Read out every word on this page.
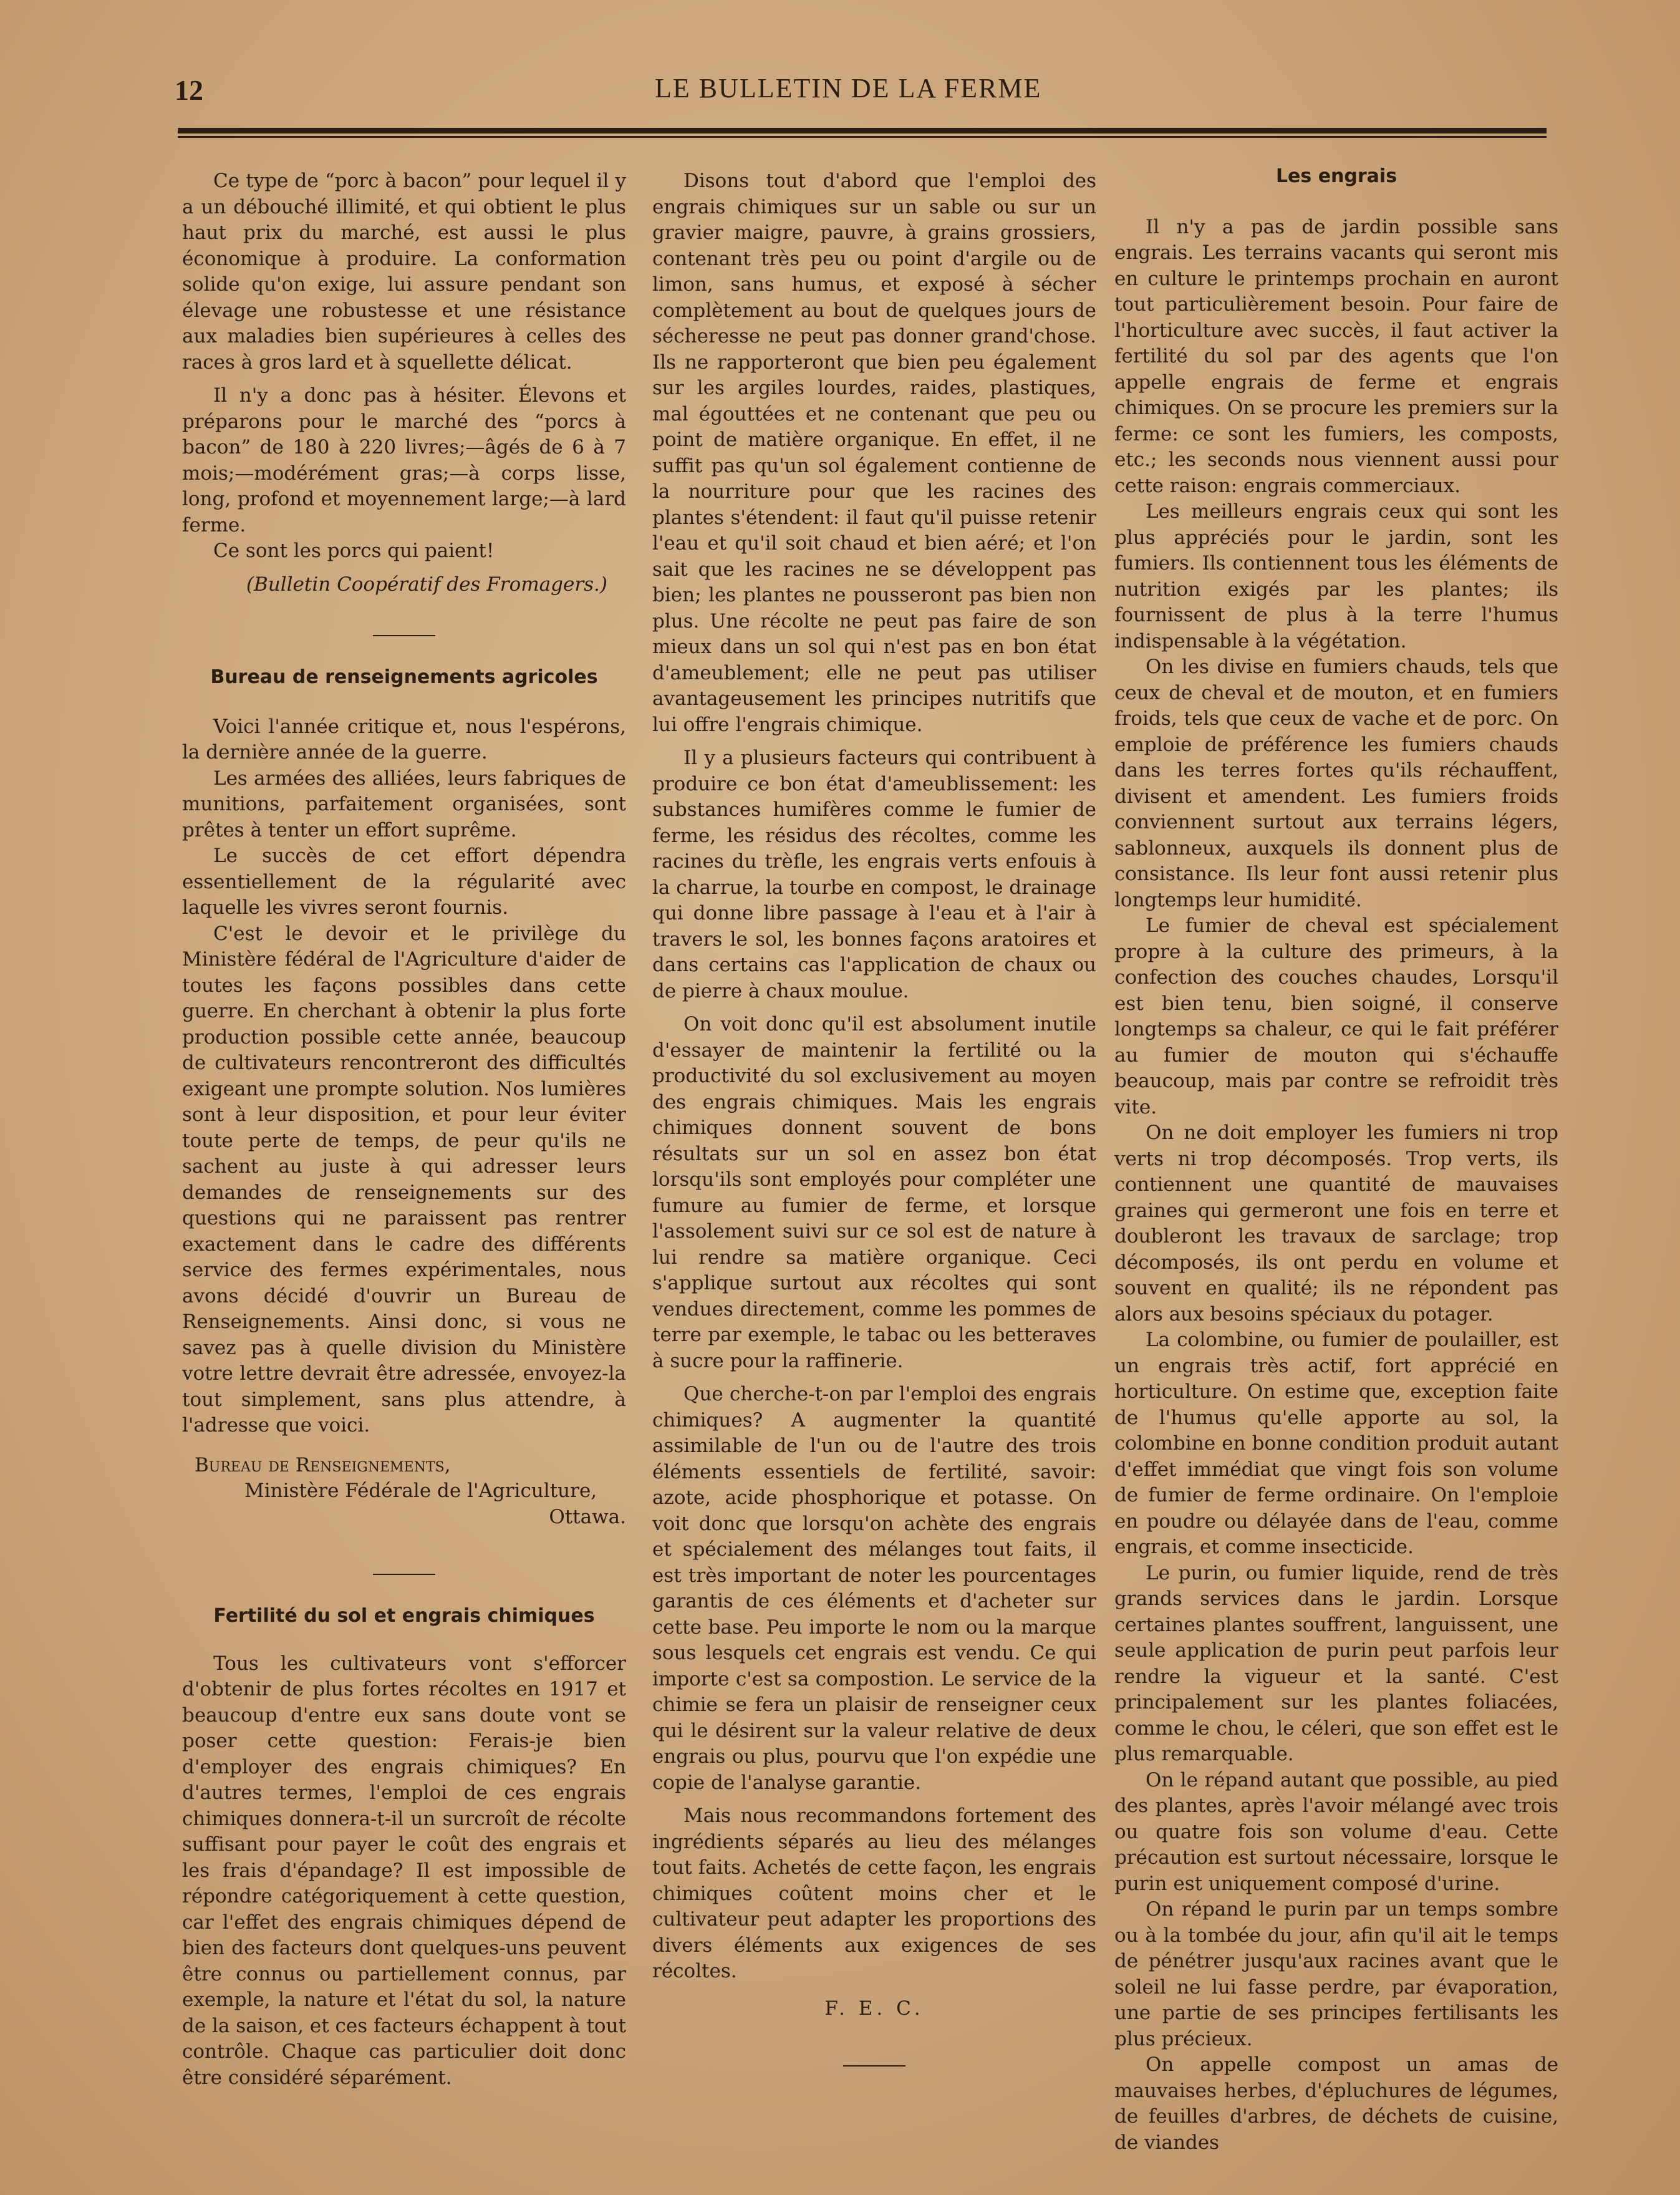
12	LE BULLETIN DE LA FERME

Ce type de “porc à bacon” pour lequel il y a un débouché illimité, et qui obtient le plus haut prix du marché, est aussi le plus économique à produire. La conformation solide qu'on exige, lui assure pendant son élevage une robustesse et une résistance aux maladies bien supérieures à celles des races à gros lard et à squellette délicat.

Il n'y a donc pas à hésiter. Élevons et préparons pour le marché des “porcs à bacon” de 180 à 220 livres;—âgés de 6 à 7 mois;—modérément gras;—à corps lisse, long, profond et moyennement large;—à lard ferme.

Ce sont les porcs qui paient!

(Bulletin Coopératif des Fromagers.)

Bureau de renseignements agricoles

Voici l'année critique et, nous l'espérons, la dernière année de la guerre.

Les armées des alliées, leurs fabriques de munitions, parfaitement organisées, sont prêtes à tenter un effort suprême.

Le succès de cet effort dépendra essentiellement de la régularité avec laquelle les vivres seront fournis.

C'est le devoir et le privilège du Ministère fédéral de l'Agriculture d'aider de toutes les façons possibles dans cette guerre. En cherchant à obtenir la plus forte production possible cette année, beaucoup de cultivateurs rencontreront des difficultés exigeant une prompte solution. Nos lumières sont à leur disposition, et pour leur éviter toute perte de temps, de peur qu'ils ne sachent au juste à qui adresser leurs demandes de renseignements sur des questions qui ne paraissent pas rentrer exactement dans le cadre des différents service des fermes expérimentales, nous avons décidé d'ouvrir un Bureau de Renseignements. Ainsi donc, si vous ne savez pas à quelle division du Ministère votre lettre devrait être adressée, envoyez-la tout simplement, sans plus attendre, à l'adresse que voici.

Bureau de Renseignements,

Ministère Fédérale de l'Agriculture,

Ottawa.

Fertilité du sol et engrais chimiques

Tous les cultivateurs vont s'efforcer d'obtenir de plus fortes récoltes en 1917 et beaucoup d'entre eux sans doute vont se poser cette question: Ferais-je bien d'employer des engrais chimiques? En d'autres termes, l'emploi de ces engrais chimiques donnera-t-il un surcroît de récolte suffisant pour payer le coût des engrais et les frais d'épandage? Il est impossible de répondre catégoriquement à cette question, car l'effet des engrais chimiques dépend de bien des facteurs dont quelques-uns peuvent être connus ou partiellement connus, par exemple, la nature et l'état du sol, la nature de la saison, et ces facteurs échappent à tout contrôle. Chaque cas particulier doit donc être considéré séparément.

Disons tout d'abord que l'emploi des engrais chimiques sur un sable ou sur un gravier maigre, pauvre, à grains grossiers, contenant très peu ou point d'argile ou de limon, sans humus, et exposé à sécher complètement au bout de quelques jours de sécheresse ne peut pas donner grand'chose. Ils ne rapporteront que bien peu également sur les argiles lourdes, raides, plastiques, mal égouttées et ne contenant que peu ou point de matière organique. En effet, il ne suffit pas qu'un sol également contienne de la nourriture pour que les racines des plantes s'étendent: il faut qu'il puisse retenir l'eau et qu'il soit chaud et bien aéré; et l'on sait que les racines ne se développent pas bien; les plantes ne pousseront pas bien non plus. Une récolte ne peut pas faire de son mieux dans un sol qui n'est pas en bon état d'ameublement; elle ne peut pas utiliser avantageusement les principes nutritifs que lui offre l'engrais chimique.

Il y a plusieurs facteurs qui contribuent à produire ce bon état d'ameublissement: les substances humifères comme le fumier de ferme, les résidus des récoltes, comme les racines du trèfle, les engrais verts enfouis à la charrue, la tourbe en compost, le drainage qui donne libre passage à l'eau et à l'air à travers le sol, les bonnes façons aratoires et dans certains cas l'application de chaux ou de pierre à chaux moulue.

On voit donc qu'il est absolument inutile d'essayer de maintenir la fertilité ou la productivité du sol exclusivement au moyen des engrais chimiques. Mais les engrais chimiques donnent souvent de bons résultats sur un sol en assez bon état lorsqu'ils sont employés pour compléter une fumure au fumier de ferme, et lorsque l'assolement suivi sur ce sol est de nature à lui rendre sa matière organique. Ceci s'applique surtout aux récoltes qui sont vendues directement, comme les pommes de terre par exemple, le tabac ou les betteraves à sucre pour la raffinerie.

Que cherche-t-on par l'emploi des engrais chimiques? A augmenter la quantité assimilable de l'un ou de l'autre des trois éléments essentiels de fertilité, savoir: azote, acide phosphorique et potasse. On voit donc que lorsqu'on achète des engrais et spécialement des mélanges tout faits, il est très important de noter les pourcentages garantis de ces éléments et d'acheter sur cette base. Peu importe le nom ou la marque sous lesquels cet engrais est vendu. Ce qui importe c'est sa compostion. Le service de la chimie se fera un plaisir de renseigner ceux qui le désirent sur la valeur relative de deux engrais ou plus, pourvu que l'on expédie une copie de l'analyse garantie.

Mais nous recommandons fortement des ingrédients séparés au lieu des mélanges tout faits. Achetés de cette façon, les engrais chimiques coûtent moins cher et le cultivateur peut adapter les proportions des divers éléments aux exigences de ses récoltes.

F. E. C.

Les engrais

Il n'y a pas de jardin possible sans engrais. Les terrains vacants qui seront mis en culture le printemps prochain en auront tout particulièrement besoin. Pour faire de l'horticulture avec succès, il faut activer la fertilité du sol par des agents que l'on appelle engrais de ferme et engrais chimiques. On se procure les premiers sur la ferme: ce sont les fumiers, les composts, etc.; les seconds nous viennent aussi pour cette raison: engrais commerciaux.

Les meilleurs engrais ceux qui sont les plus appréciés pour le jardin, sont les fumiers. Ils contiennent tous les éléments de nutrition exigés par les plantes; ils fournissent de plus à la terre l'humus indispensable à la végétation.

On les divise en fumiers chauds, tels que ceux de cheval et de mouton, et en fumiers froids, tels que ceux de vache et de porc. On emploie de préférence les fumiers chauds dans les terres fortes qu'ils réchauffent, divisent et amendent. Les fumiers froids conviennent surtout aux terrains légers, sablonneux, auxquels ils donnent plus de consistance. Ils leur font aussi retenir plus longtemps leur humidité.

Le fumier de cheval est spécialement propre à la culture des primeurs, à la confection des couches chaudes, Lorsqu'il est bien tenu, bien soigné, il conserve longtemps sa chaleur, ce qui le fait préférer au fumier de mouton qui s'échauffe beaucoup, mais par contre se refroidit très vite.

On ne doit employer les fumiers ni trop verts ni trop décomposés. Trop verts, ils contiennent une quantité de mauvaises graines qui germeront une fois en terre et doubleront les travaux de sarclage; trop décomposés, ils ont perdu en volume et souvent en qualité; ils ne répondent pas alors aux besoins spéciaux du potager.

La colombine, ou fumier de poulailler, est un engrais très actif, fort apprécié en horticulture. On estime que, exception faite de l'humus qu'elle apporte au sol, la colombine en bonne condition produit autant d'effet immédiat que vingt fois son volume de fumier de ferme ordinaire. On l'emploie en poudre ou délayée dans de l'eau, comme engrais, et comme insecticide.

Le purin, ou fumier liquide, rend de très grands services dans le jardin. Lorsque certaines plantes souffrent, languissent, une seule application de purin peut parfois leur rendre la vigueur et la santé. C'est principalement sur les plantes foliacées, comme le chou, le céleri, que son effet est le plus remarquable.

On le répand autant que possible, au pied des plantes, après l'avoir mélangé avec trois ou quatre fois son volume d'eau. Cette précaution est surtout nécessaire, lorsque le purin est uniquement composé d'urine.

On répand le purin par un temps sombre ou à la tombée du jour, afin qu'il ait le temps de pénétrer jusqu'aux racines avant que le soleil ne lui fasse perdre, par évaporation, une partie de ses principes fertilisants les plus précieux.

On appelle compost un amas de mauvaises herbes, d'épluchures de légumes, de feuilles d'arbres, de déchets de cuisine, de viandes
